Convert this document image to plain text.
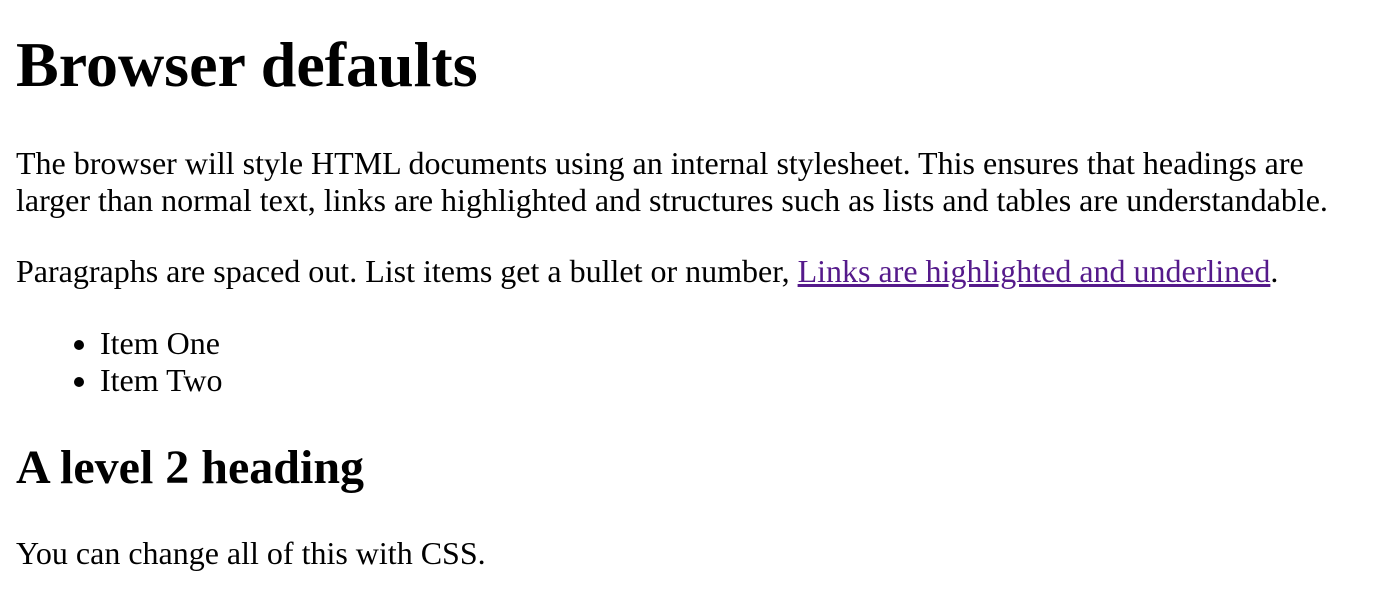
Browser defaults

The browser will style HTML documents using an internal stylesheet. This ensures that headings are larger than normal text, links are highlighted and structures such as lists and tables are understandable.

Paragraphs are spaced out. List items get a bullet or number, Links are highlighted and underlined.

• Item One
• Item Two
A level 2 heading

You can change all of this with CSS.
